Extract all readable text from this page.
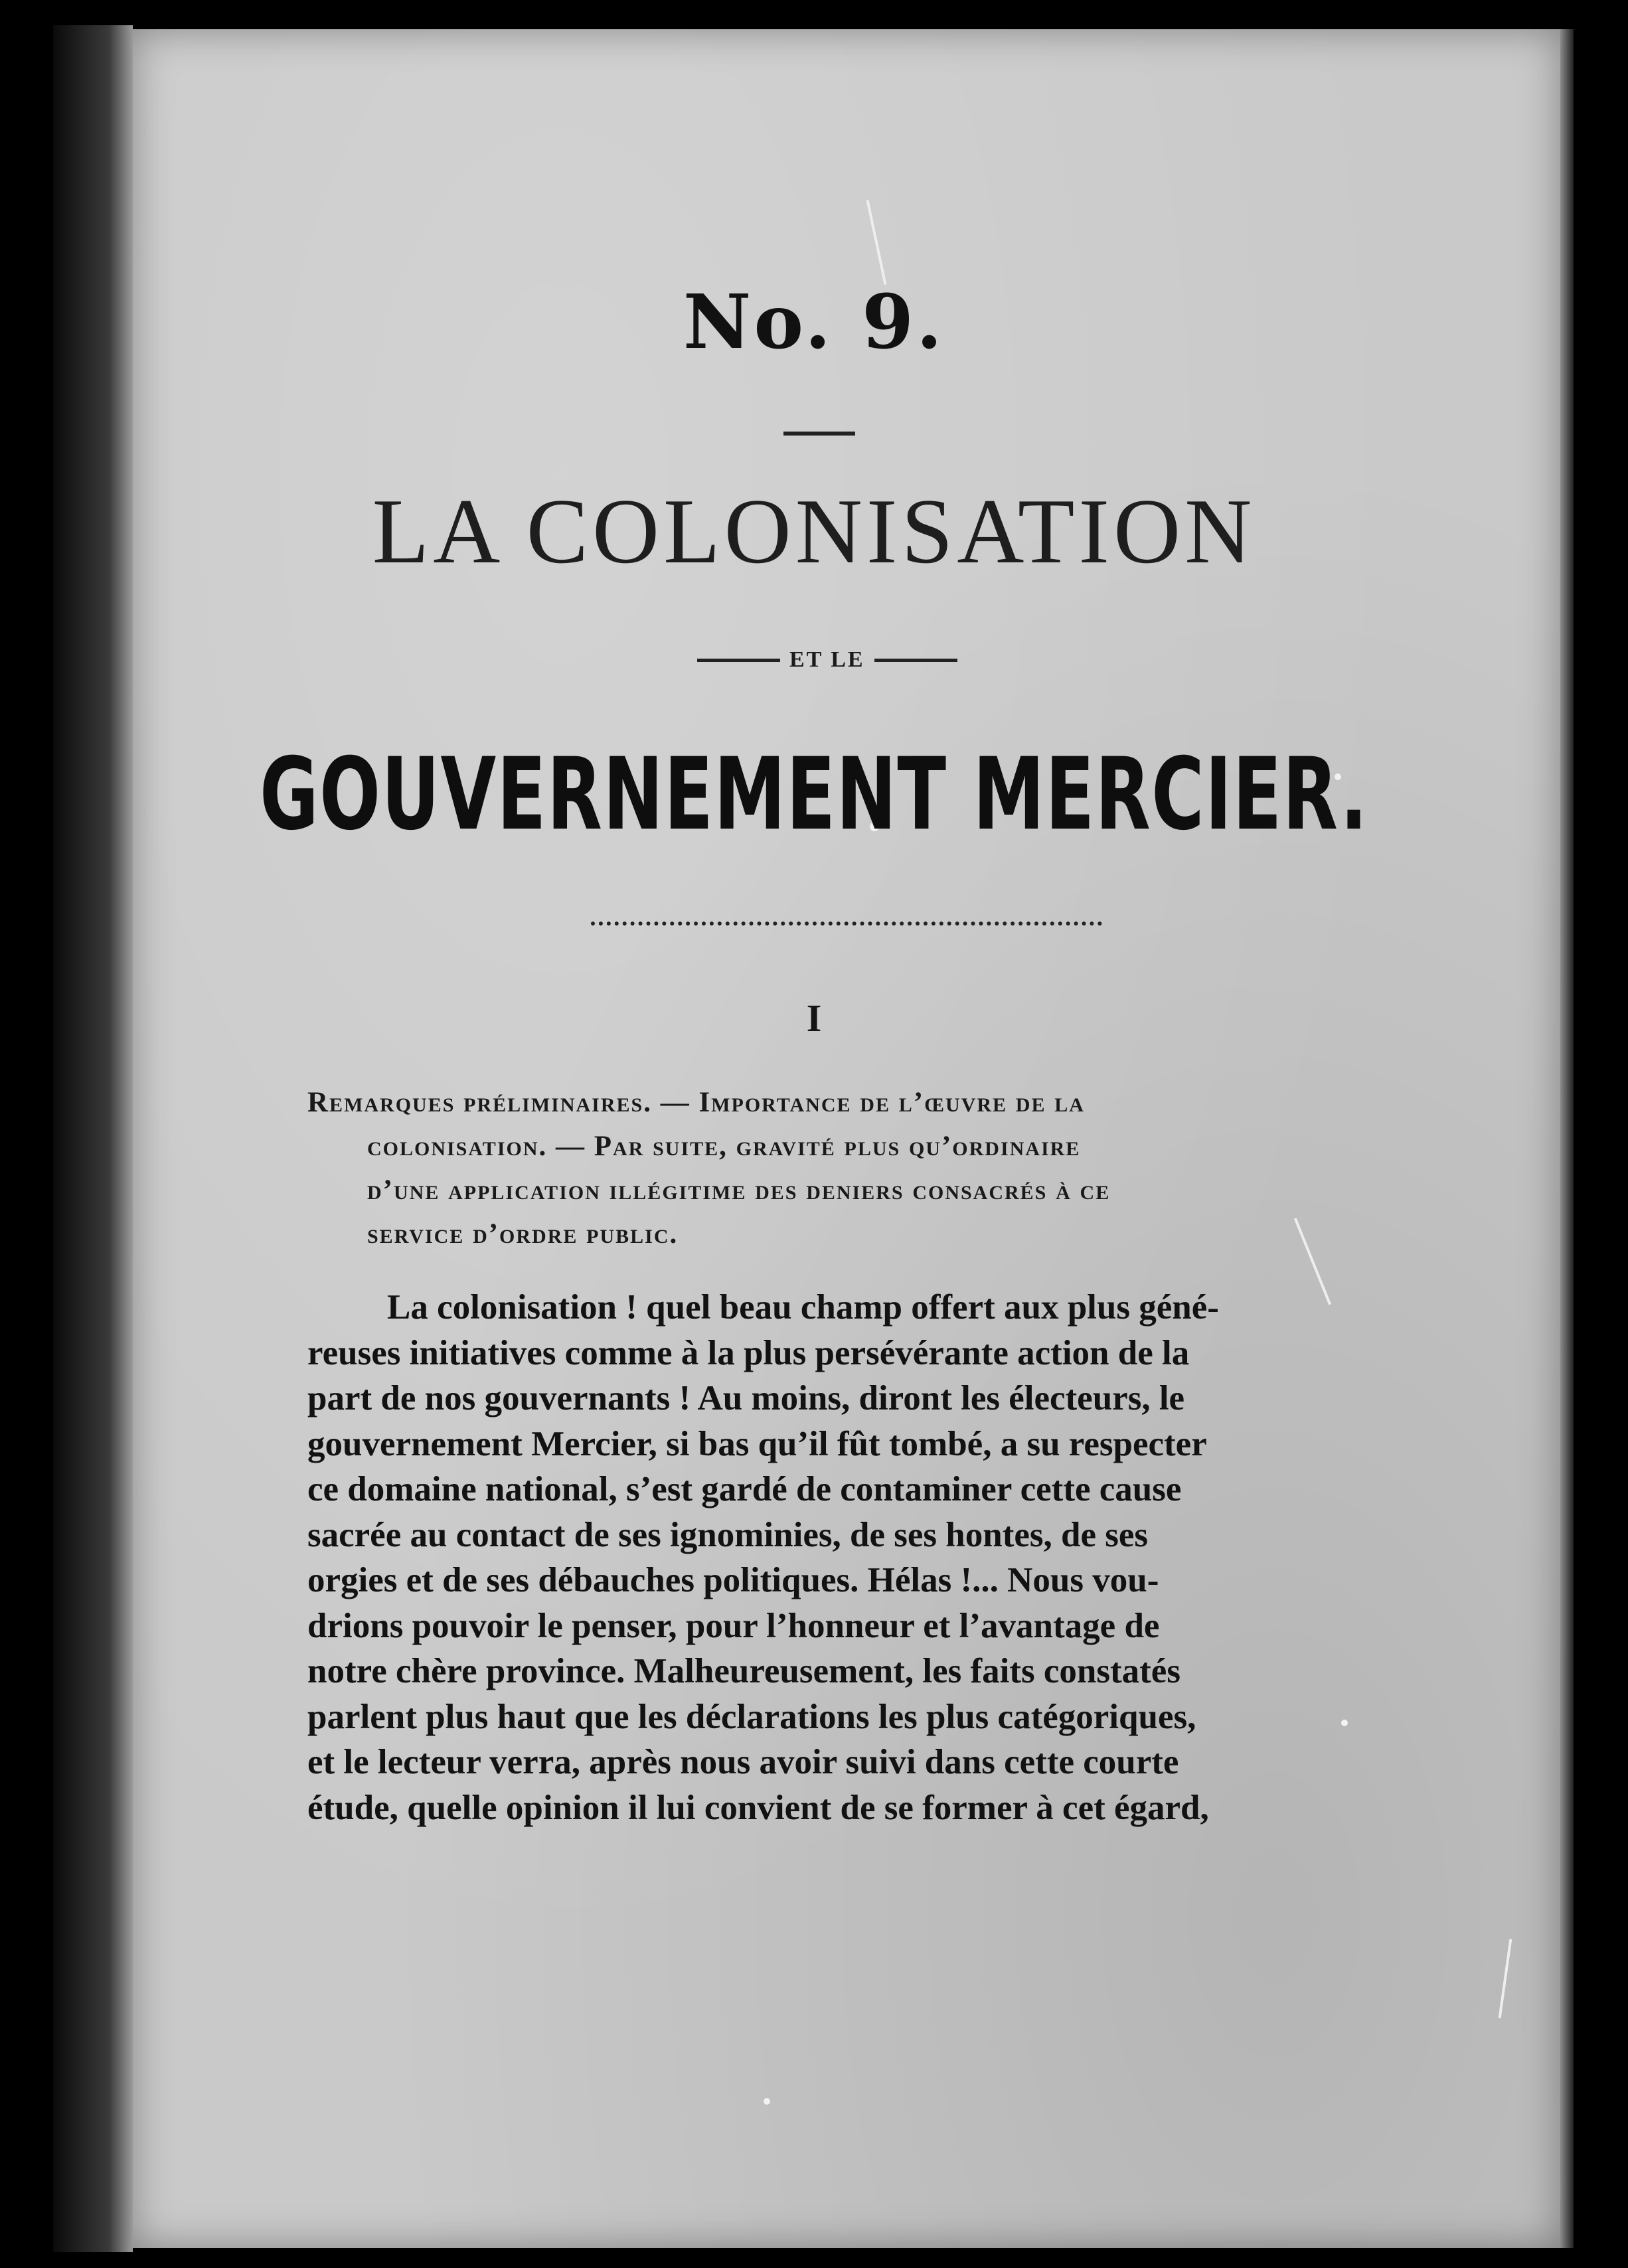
No. 9.
LA COLONISATION
ET LE
GOUVERNEMENT MERCIER.
I
Remarques préliminaires. — Importance de l’œuvre de la
colonisation. — Par suite, gravité plus qu’ordinaire
d’une application illégitime des deniers consacrés à ce
service d’ordre public.
La colonisation ! quel beau champ offert aux plus géné-
reuses initiatives comme à la plus persévérante action de la
part de nos gouvernants ! Au moins, diront les électeurs, le
gouvernement Mercier, si bas qu’il fût tombé, a su respecter
ce domaine national, s’est gardé de contaminer cette cause
sacrée au contact de ses ignominies, de ses hontes, de ses
orgies et de ses débauches politiques. Hélas !... Nous vou-
drions pouvoir le penser, pour l’honneur et l’avantage de
notre chère province. Malheureusement, les faits constatés
parlent plus haut que les déclarations les plus catégoriques,
et le lecteur verra, après nous avoir suivi dans cette courte
étude, quelle opinion il lui convient de se former à cet égard,
